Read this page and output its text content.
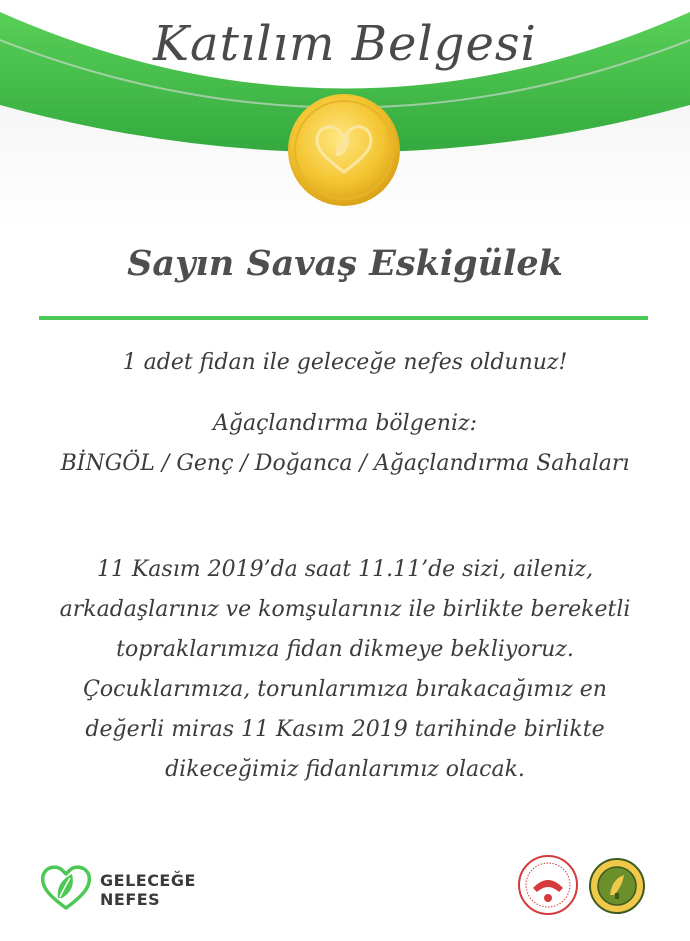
Katılım Belgesi
Sayın Savaş Eskigülek
1 adet fidan ile geleceğe nefes oldunuz!
Ağaçlandırma bölgeniz:
BİNGÖL / Genç / Doğanca / Ağaçlandırma Sahaları
11 Kasım 2019’da saat 11.11’de sizi, aileniz, arkadaşlarınız ve komşularınız ile birlikte bereketli topraklarımıza fidan dikmeye bekliyoruz. Çocuklarımıza, torunlarımıza bırakacağımız en değerli miras 11 Kasım 2019 tarihinde birlikte dikeceğimiz fidanlarımız olacak.
GELECEĞE
NEFES
